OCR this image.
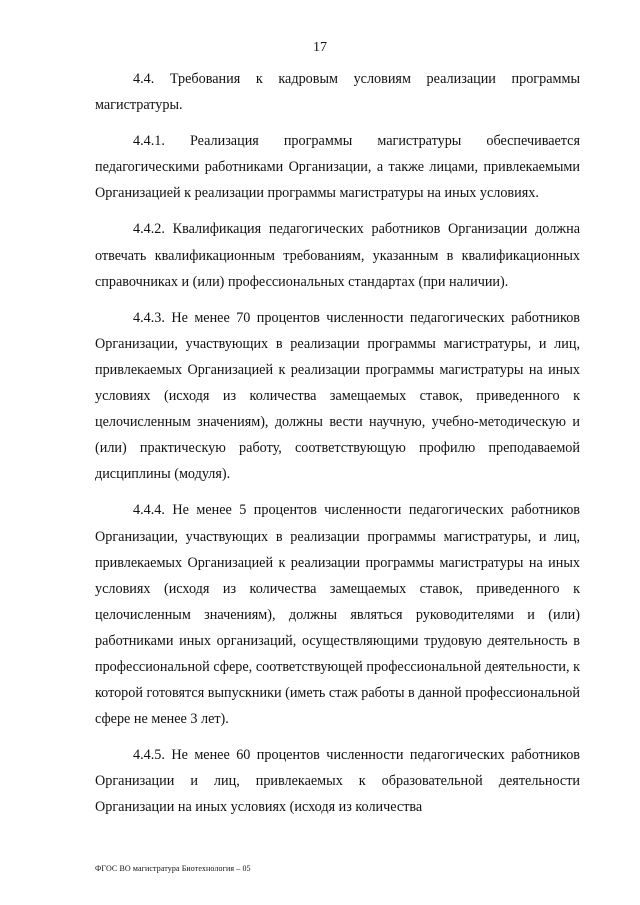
17

4.4. Требования к кадровым условиям реализации программы магистратуры.

4.4.1. Реализация программы магистратуры обеспечивается педагогическими работниками Организации, а также лицами, привлекаемыми Организацией к реализации программы магистратуры на иных условиях.

4.4.2. Квалификация педагогических работников Организации должна отвечать квалификационным требованиям, указанным в квалификационных справочниках и (или) профессиональных стандартах (при наличии).

4.4.3. Не менее 70 процентов численности педагогических работников Организации, участвующих в реализации программы магистратуры, и лиц, привлекаемых Организацией к реализации программы магистратуры на иных условиях (исходя из количества замещаемых ставок, приведенного к целочисленным значениям), должны вести научную, учебно-методическую и (или) практическую работу, соответствующую профилю преподаваемой дисциплины (модуля).

4.4.4. Не менее 5 процентов численности педагогических работников Организации, участвующих в реализации программы магистратуры, и лиц, привлекаемых Организацией к реализации программы магистратуры на иных условиях (исходя из количества замещаемых ставок, приведенного к целочисленным значениям), должны являться руководителями и (или) работниками иных организаций, осуществляющими трудовую деятельность в профессиональной сфере, соответствующей профессиональной деятельности, к которой готовятся выпускники (иметь стаж работы в данной профессиональной сфере не менее 3 лет).

4.4.5. Не менее 60 процентов численности педагогических работников Организации и лиц, привлекаемых к образовательной деятельности Организации на иных условиях (исходя из количества

ФГОС ВО магистратура Биотехнология – 05
